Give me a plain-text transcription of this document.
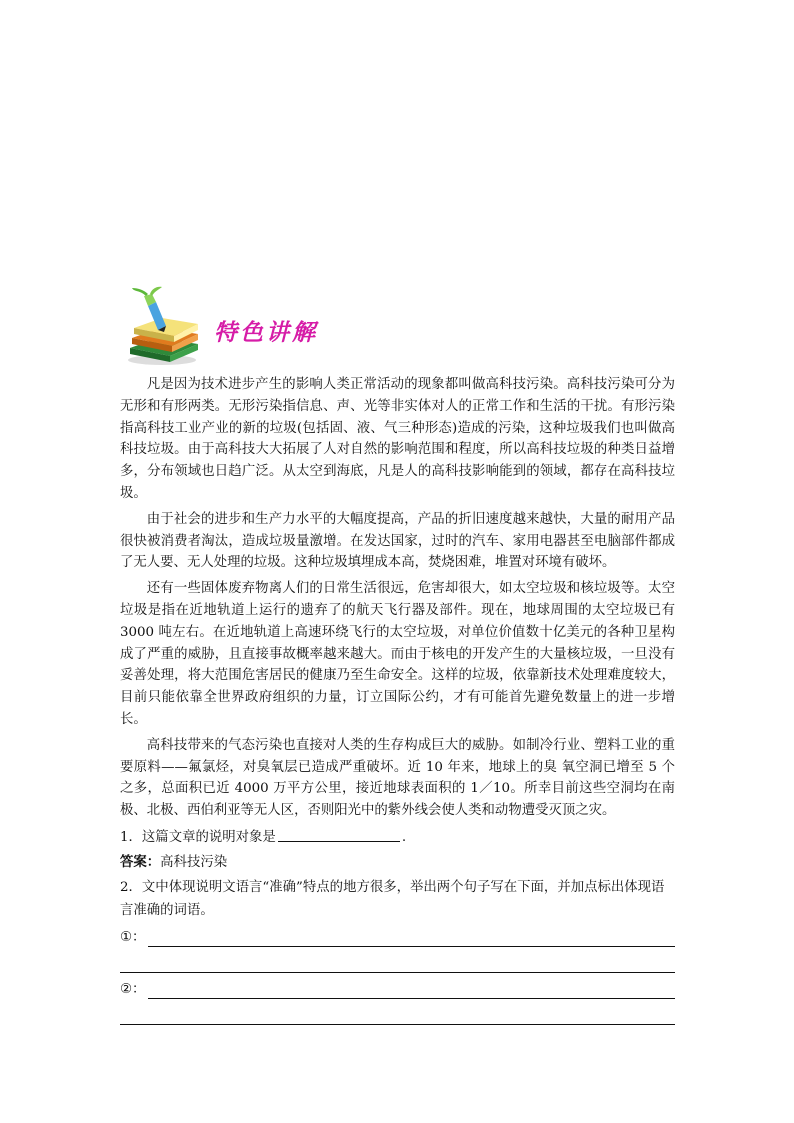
特色讲解

凡是因为技术进步产生的影响人类正常活动的现象都叫做高科技污染。高科技污染可分为无形和有形两类。无形污染指信息、声、光等非实体对人的正常工作和生活的干扰。有形污染指高科技工业产业的新的垃圾(包括固、液、气三种形态)造成的污染，这种垃圾我们也叫做高科技垃圾。由于高科技大大拓展了人对自然的影响范围和程度，所以高科技垃圾的种类日益增多，分布领域也日趋广泛。从太空到海底，凡是人的高科技影响能到的领域，都存在高科技垃圾。

由于社会的进步和生产力水平的大幅度提高，产品的折旧速度越来越快，大量的耐用产品很快被消费者淘汰，造成垃圾量激增。在发达国家，过时的汽车、家用电器甚至电脑部件都成了无人要、无人处理的垃圾。这种垃圾填埋成本高，焚烧困难，堆置对环境有破坏。

还有一些固体废弃物离人们的日常生活很远，危害却很大，如太空垃圾和核垃圾等。太空垃圾是指在近地轨道上运行的遗弃了的航天飞行器及部件。现在，地球周围的太空垃圾已有 3000 吨左右。在近地轨道上高速环绕飞行的太空垃圾，对单位价值数十亿美元的各种卫星构成了严重的威胁，且直接事故概率越来越大。而由于核电的开发产生的大量核垃圾，一旦没有妥善处理，将大范围危害居民的健康乃至生命安全。这样的垃圾，依靠新技术处理难度较大，目前只能依靠全世界政府组织的力量，订立国际公约，才有可能首先避免数量上的进一步增长。

高科技带来的气态污染也直接对人类的生存构成巨大的威胁。如制冷行业、塑料工业的重要原料——氟氯烃，对臭氧层已造成严重破坏。近 10 年来，地球上的臭 氧空洞已增至 5 个之多，总面积已近 4000 万平方公里，接近地球表面积的 1／10。所幸目前这些空洞均在南极、北极、西伯利亚等无人区，否则阳光中的紫外线会使人类和动物遭受灭顶之灾。

1．这篇文章的说明对象是	.

答案：高科技污染

2．文中体现说明文语言“准确”特点的地方很多，举出两个句子写在下面，并加点标出体现语言准确的词语。

①：
②：
